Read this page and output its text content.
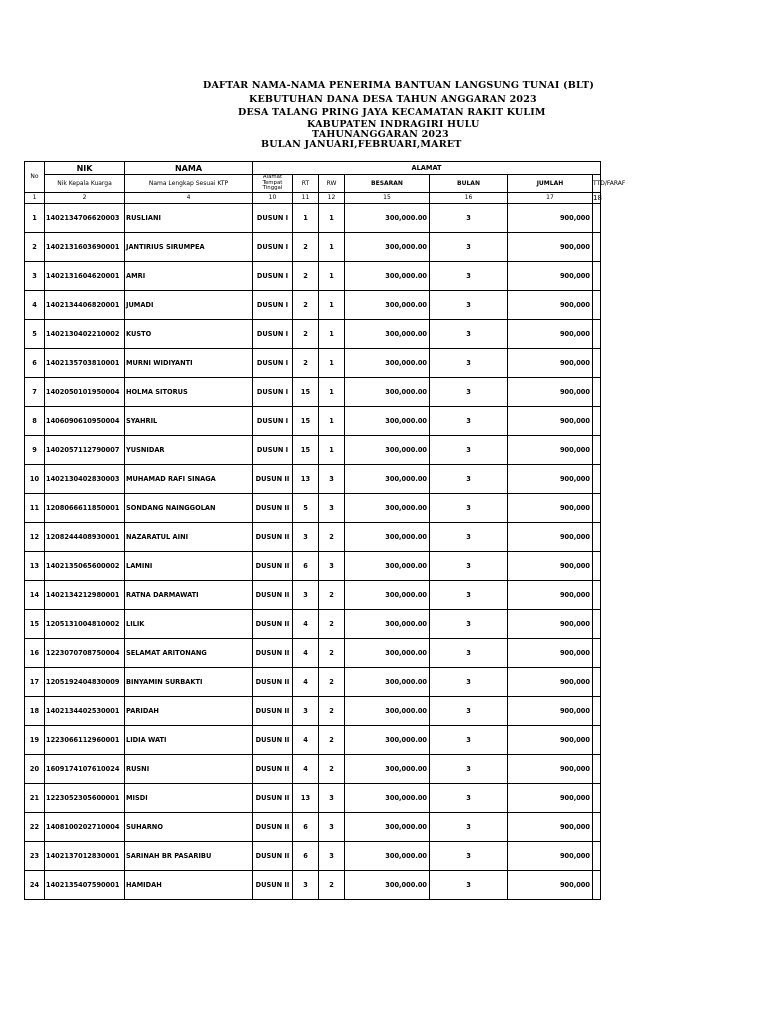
DAFTAR NAMA-NAMA PENERIMA BANTUAN LANGSUNG TUNAI (BLT)
KEBUTUHAN DANA DESA TAHUN ANGGARAN 2023
DESA TALANG PRING JAYA KECAMATAN RAKIT KULIM
KABUPATEN INDRAGIRI HULU
TAHUNANGGARAN 2023
BULAN JANUARI,FEBRUARI,MARET
No	NIK	NAMA	ALAMAT						
	Nik Kepala Kuarga	Nama Lengkap Sesuai KTP	Alamat
Tempat
Tinggal	RT	RW	BESARAN	BULAN	JUMLAH	TTD/FARAF
1	2	4	10	11	12	15	16	17	18
1	1402134706620003	RUSLIANI	DUSUN I	1	1	300,000.00	3	900,000	
2	1402131603690001	JANTIRIUS SIRUMPEA	DUSUN I	2	1	300,000.00	3	900,000	
3	1402131604620001	AMRI	DUSUN I	2	1	300,000.00	3	900,000	
4	1402134406820001	JUMADI	DUSUN I	2	1	300,000.00	3	900,000	
5	1402130402210002	KUSTO	DUSUN I	2	1	300,000.00	3	900,000	
6	1402135703810001	MURNI WIDIYANTI	DUSUN I	2	1	300,000.00	3	900,000	
7	1402050101950004	HOLMA SITORUS	DUSUN I	15	1	300,000.00	3	900,000	
8	1406090610950004	SYAHRIL	DUSUN I	15	1	300,000.00	3	900,000	
9	1402057112790007	YUSNIDAR	DUSUN I	15	1	300,000.00	3	900,000	
10	1402130402830003	MUHAMAD RAFI SINAGA	DUSUN II	13	3	300,000.00	3	900,000	
11	1208066611850001	SONDANG NAINGGOLAN	DUSUN II	5	3	300,000.00	3	900,000	
12	1208244408930001	NAZARATUL AINI	DUSUN II	3	2	300,000.00	3	900,000	
13	1402135065600002	LAMINI	DUSUN II	6	3	300,000.00	3	900,000	
14	1402134212980001	RATNA DARMAWATI	DUSUN II	3	2	300,000.00	3	900,000	
15	1205131004810002	LILIK	DUSUN II	4	2	300,000.00	3	900,000	
16	1223070708750004	SELAMAT ARITONANG	DUSUN II	4	2	300,000.00	3	900,000	
17	1205192404830009	BINYAMIN SURBAKTI	DUSUN II	4	2	300,000.00	3	900,000	
18	1402134402530001	PARIDAH	DUSUN II	3	2	300,000.00	3	900,000	
19	1223066112960001	LIDIA WATI	DUSUN II	4	2	300,000.00	3	900,000	
20	1609174107610024	RUSNI	DUSUN II	4	2	300,000.00	3	900,000	
21	1223052305600001	MISDI	DUSUN II	13	3	300,000.00	3	900,000	
22	1408100202710004	SUHARNO	DUSUN II	6	3	300,000.00	3	900,000	
23	1402137012830001	SARINAH BR PASARIBU	DUSUN II	6	3	300,000.00	3	900,000	
24	1402135407590001	HAMIDAH	DUSUN II	3	2	300,000.00	3	900,000	
